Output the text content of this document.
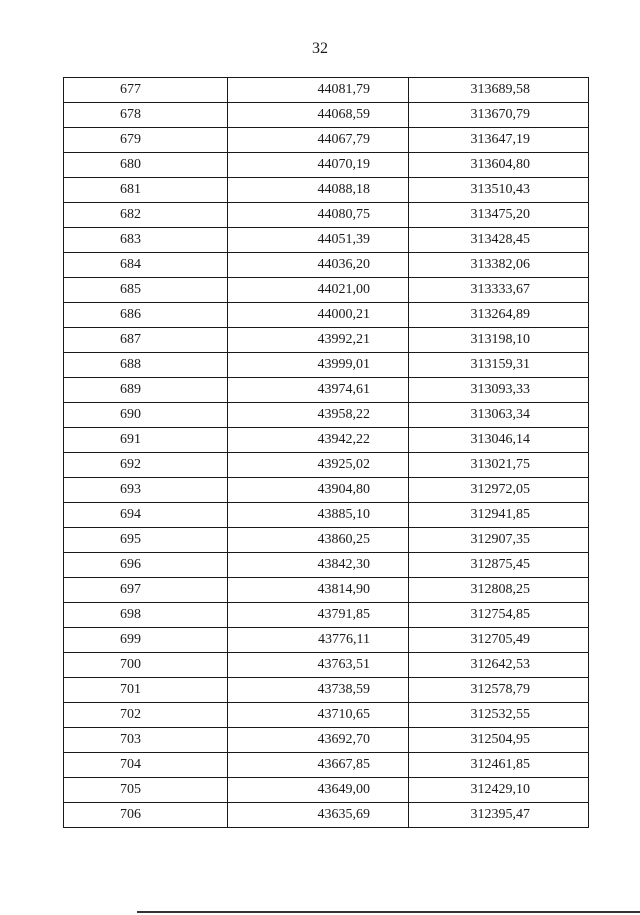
32
677	44081,79	313689,58
678	44068,59	313670,79
679	44067,79	313647,19
680	44070,19	313604,80
681	44088,18	313510,43
682	44080,75	313475,20
683	44051,39	313428,45
684	44036,20	313382,06
685	44021,00	313333,67
686	44000,21	313264,89
687	43992,21	313198,10
688	43999,01	313159,31
689	43974,61	313093,33
690	43958,22	313063,34
691	43942,22	313046,14
692	43925,02	313021,75
693	43904,80	312972,05
694	43885,10	312941,85
695	43860,25	312907,35
696	43842,30	312875,45
697	43814,90	312808,25
698	43791,85	312754,85
699	43776,11	312705,49
700	43763,51	312642,53
701	43738,59	312578,79
702	43710,65	312532,55
703	43692,70	312504,95
704	43667,85	312461,85
705	43649,00	312429,10
706	43635,69	312395,47
